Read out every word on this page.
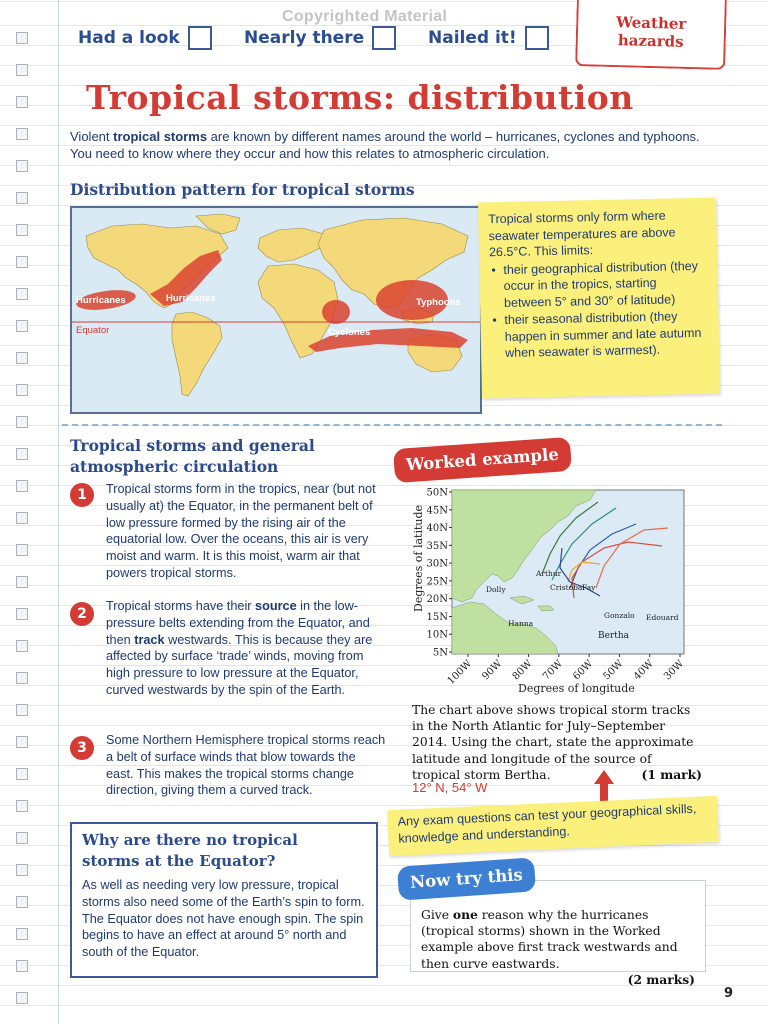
Copyrighted Material
Had a look	Nearly there	Nailed it!
Weather
hazards
Tropical storms: distribution
Violent tropical storms are known by different names around the world – hurricanes, cyclones and typhoons. You need to know where they occur and how this relates to atmospheric circulation.
Distribution pattern for tropical storms
Hurricanes	Hurricanes	Typhoons
Cyclones
Equator
Tropical storms only form where seawater temperatures are above 26.5°C. This limits:
• their geographical distribution (they occur in the tropics, starting between 5° and 30° of latitude)
• their seasonal distribution (they happen in summer and late autumn when seawater is warmest).
Tropical storms and general
atmospheric circulation
1	Tropical storms form in the tropics, near (but not usually at) the Equator, in the permanent belt of low pressure formed by the rising air of the equatorial low. Over the oceans, this air is very moist and warm. It is this moist, warm air that powers tropical storms.
2	Tropical storms have their source in the low-pressure belts extending from the Equator, and then track westwards. This is because they are affected by surface ‘trade’ winds, moving from high pressure to low pressure at the Equator, curved westwards by the spin of the Earth.
3	Some Northern Hemisphere tropical storms reach a belt of surface winds that blow towards the east. This makes the tropical storms change direction, giving them a curved track.
Why are there no tropical
storms at the Equator?
As well as needing very low pressure, tropical storms also need some of the Earth’s spin to form. The Equator does not have enough spin. The spin begins to have an effect at around 5° north and south of the Equator.
Worked example
Dolly
Arthur
Cristobal
Fay
Gonzalo Edouard
Hanna
Bertha
50N
45N
40N
35N
30N
25N
20N
15N
10N
5N
100W 90W 80W 70W 60W 50W 40W 30W
Degrees of latitude
Degrees of longitude
The chart above shows tropical storm tracks in the North Atlantic for July–September 2014. Using the chart, state the approximate latitude and longitude of the source of tropical storm Bertha.	(1 mark)
12° N, 54° W
Any exam questions can test your geographical skills, knowledge and understanding.
Give one reason why the hurricanes (tropical storms) shown in the Worked example above first track westwards and then curve eastwards.
(2 marks)
Now try this
9
